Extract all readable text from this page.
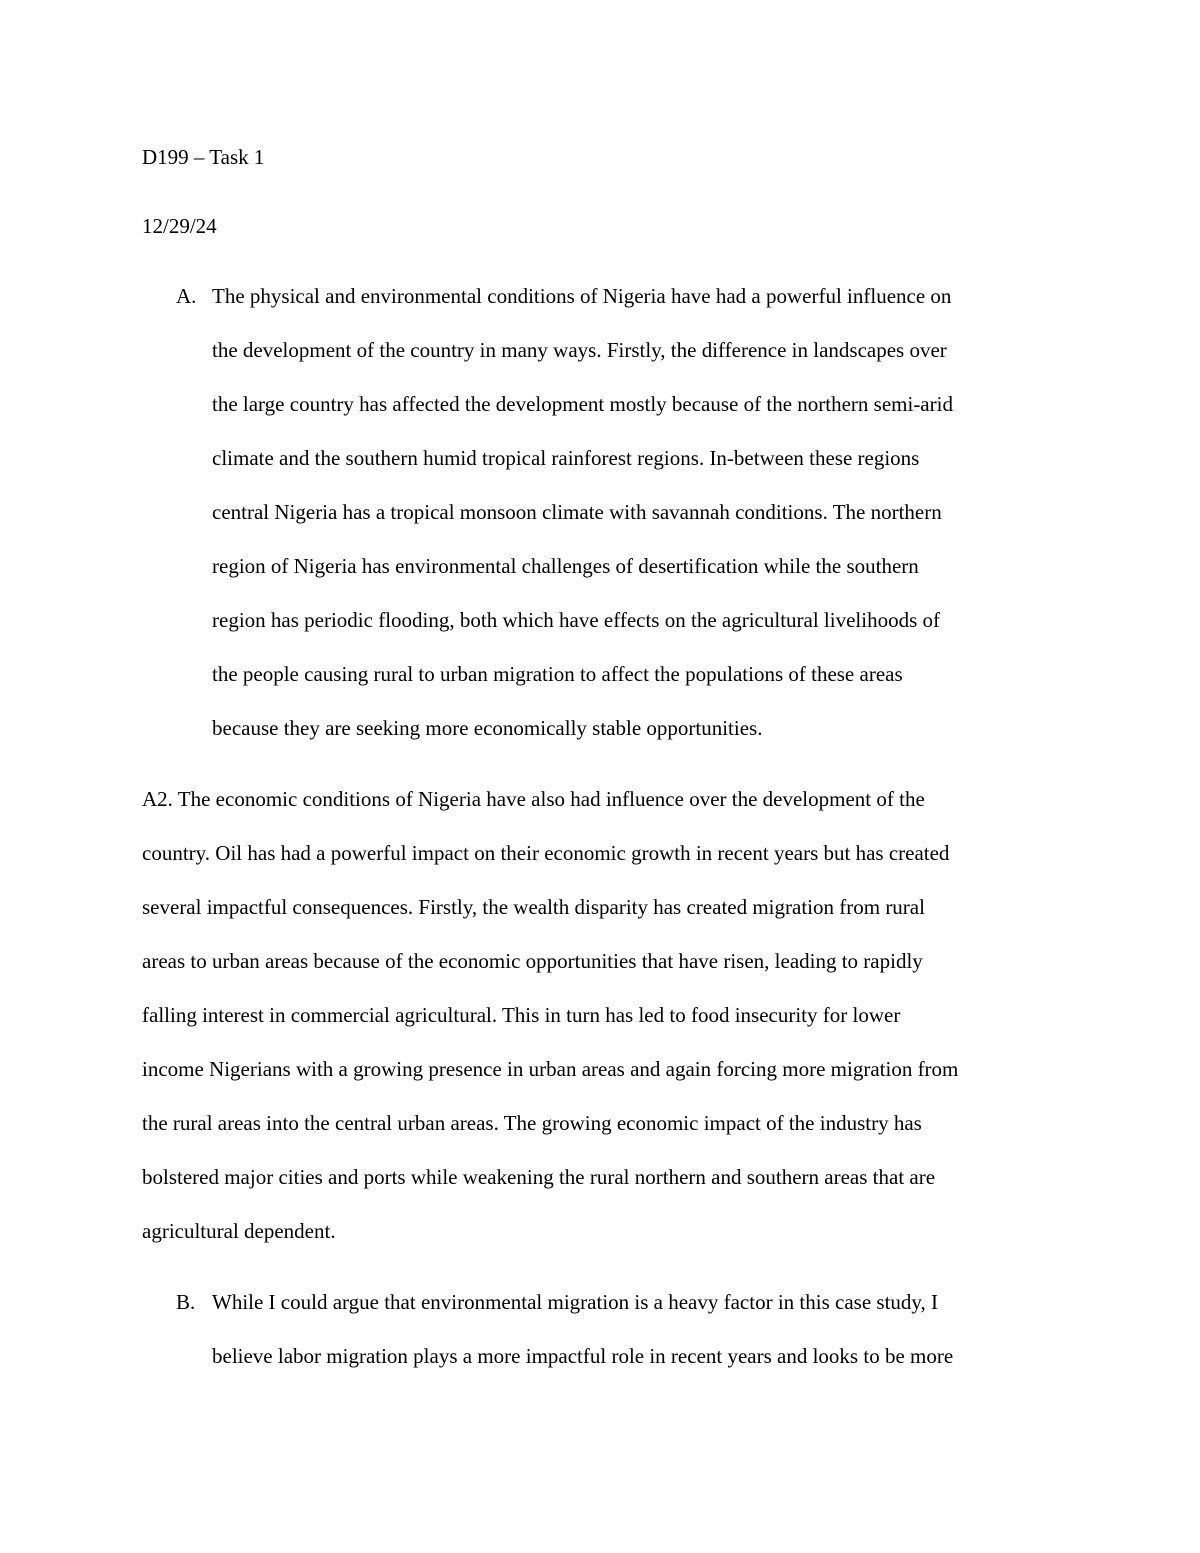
D199 – Task 1

12/29/24

A. The physical and environmental conditions of Nigeria have had a powerful influence on

the development of the country in many ways. Firstly, the difference in landscapes over

the large country has affected the development mostly because of the northern semi-arid

climate and the southern humid tropical rainforest regions. In-between these regions

central Nigeria has a tropical monsoon climate with savannah conditions. The northern

region of Nigeria has environmental challenges of desertification while the southern

region has periodic flooding, both which have effects on the agricultural livelihoods of

the people causing rural to urban migration to affect the populations of these areas

because they are seeking more economically stable opportunities.

A2. The economic conditions of Nigeria have also had influence over the development of the

country. Oil has had a powerful impact on their economic growth in recent years but has created

several impactful consequences. Firstly, the wealth disparity has created migration from rural

areas to urban areas because of the economic opportunities that have risen, leading to rapidly

falling interest in commercial agricultural. This in turn has led to food insecurity for lower

income Nigerians with a growing presence in urban areas and again forcing more migration from

the rural areas into the central urban areas. The growing economic impact of the industry has

bolstered major cities and ports while weakening the rural northern and southern areas that are

agricultural dependent.

B. While I could argue that environmental migration is a heavy factor in this case study, I

believe labor migration plays a more impactful role in recent years and looks to be more
